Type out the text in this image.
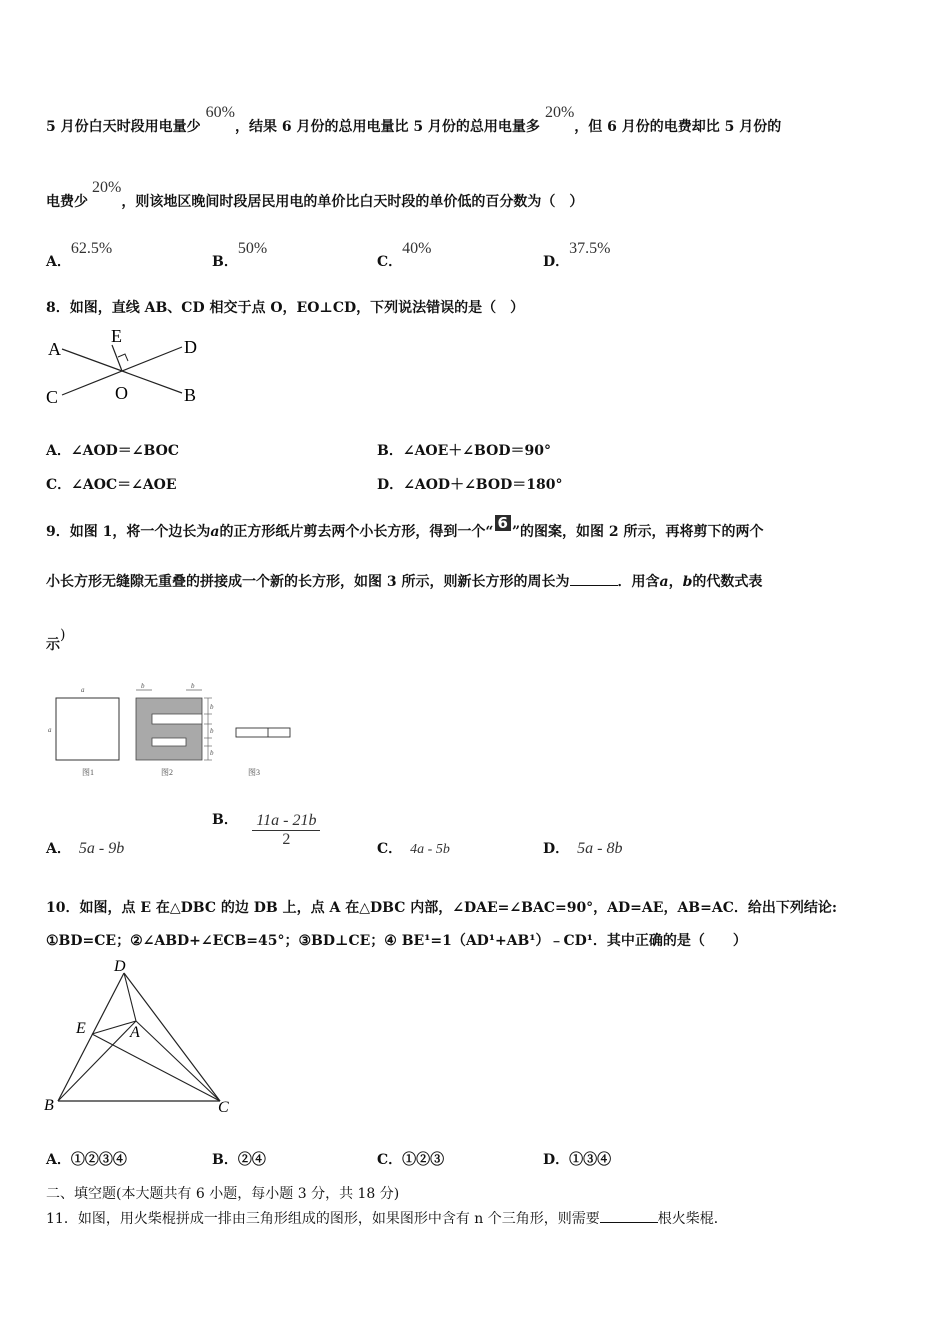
5 月份白天时段用电量少60%，结果 6 月份的总用电量比 5 月份的总用电量多20%，但 6 月份的电费却比 5 月份的
电费少20%，则该地区晚间时段居民用电的单价比白天时段的单价低的百分数为（　）
A．62.5%
B．50%
C．40%
D．37.5%
8．如图，直线 AB、CD 相交于点 O，EO⊥CD，下列说法错误的是（　）
A
E
D
C	O	B
A．∠AOD＝∠BOC	B．∠AOE＋∠BOD＝90°
C．∠AOC＝∠AOE	D．∠AOD＋∠BOD＝180°
9．如图 1，将一个边长为a的正方形纸片剪去两个小长方形，得到一个“ 6 ”的图案，如图 2 所示，再将剪下的两个
小长方形无缝隙无重叠的拼接成一个新的长方形，如图 3 所示，则新长方形的周长为	．用含a，b的代数式表
示)
a
a
图1
b	b
b
b
b
图2	图3
A． 5a - 9b
B． $\frac{11a - 21b}{2}$	C． 4a - 5b	D． 5a - 8b
10．如图，点 E 在△DBC 的边 DB 上，点 A 在△DBC 内部，∠DAE=∠BAC=90°，AD=AE，AB=AC．给出下列结论:
①BD=CE；②∠ABD+∠ECB=45°；③BD⊥CE；④ BE¹=1（AD¹+AB¹）﹣CD¹．其中正确的是（　　）
D
E	A
B	C
A．①②③④	B．②④	C．①②③	D．①③④
二、填空题(本大题共有 6 小题，每小题 3 分，共 18 分)
11．如图，用火柴棍拼成一排由三角形组成的图形，如果图形中含有 n 个三角形，则需要	根火柴棍．
